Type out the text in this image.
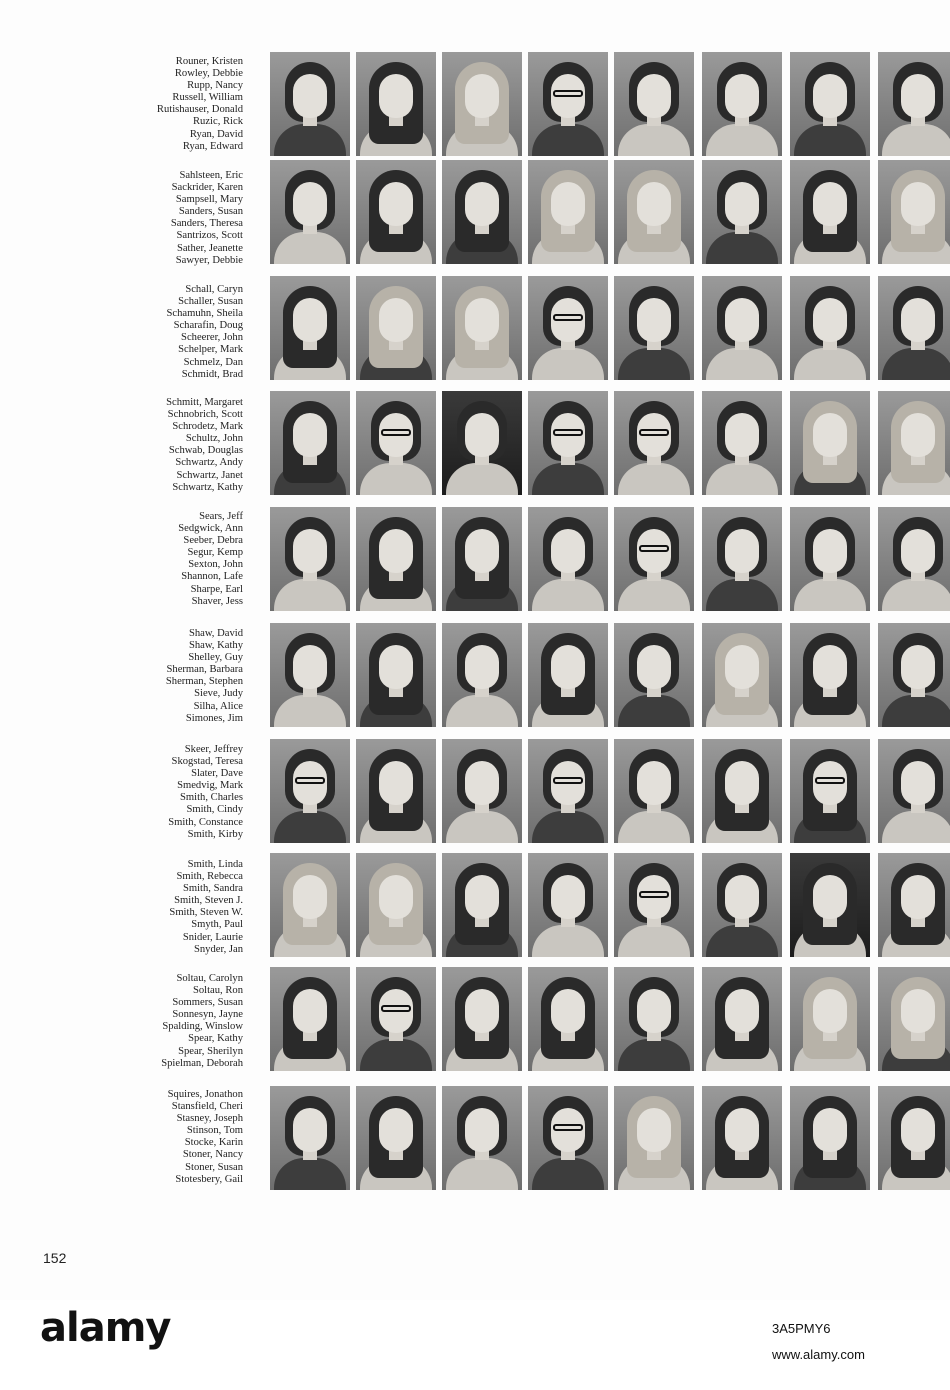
Rouner, Kristen
Rowley, Debbie
Rupp, Nancy
Russell, William
Rutishauser, Donald
Ruzic, Rick
Ryan, David
Ryan, Edward
Sahlsteen, Eric
Sackrider, Karen
Sampsell, Mary
Sanders, Susan
Sanders, Theresa
Santrizos, Scott
Sather, Jeanette
Sawyer, Debbie
Schall, Caryn
Schaller, Susan
Schamuhn, Sheila
Scharafin, Doug
Scheerer, John
Schelper, Mark
Schmelz, Dan
Schmidt, Brad
Schmitt, Margaret
Schnobrich, Scott
Schrodetz, Mark
Schultz, John
Schwab, Douglas
Schwartz, Andy
Schwartz, Janet
Schwartz, Kathy
Sears, Jeff
Sedgwick, Ann
Seeber, Debra
Segur, Kemp
Sexton, John
Shannon, Lafe
Sharpe, Earl
Shaver, Jess
Shaw, David
Shaw, Kathy
Shelley, Guy
Sherman, Barbara
Sherman, Stephen
Sieve, Judy
Silha, Alice
Simones, Jim
Skeer, Jeffrey
Skogstad, Teresa
Slater, Dave
Smedvig, Mark
Smith, Charles
Smith, Cindy
Smith, Constance
Smith, Kirby
Smith, Linda
Smith, Rebecca
Smith, Sandra
Smith, Steven J.
Smith, Steven W.
Smyth, Paul
Snider, Laurie
Snyder, Jan
Soltau, Carolyn
Soltau, Ron
Sommers, Susan
Sonnesyn, Jayne
Spalding, Winslow
Spear, Kathy
Spear, Sherilyn
Spielman, Deborah
Squires, Jonathon
Stansfield, Cheri
Stasney, Joseph
Stinson, Tom
Stocke, Karin
Stoner, Nancy
Stoner, Susan
Stotesbery, Gail
152
alamy	3A5PMY6
www.alamy.com
